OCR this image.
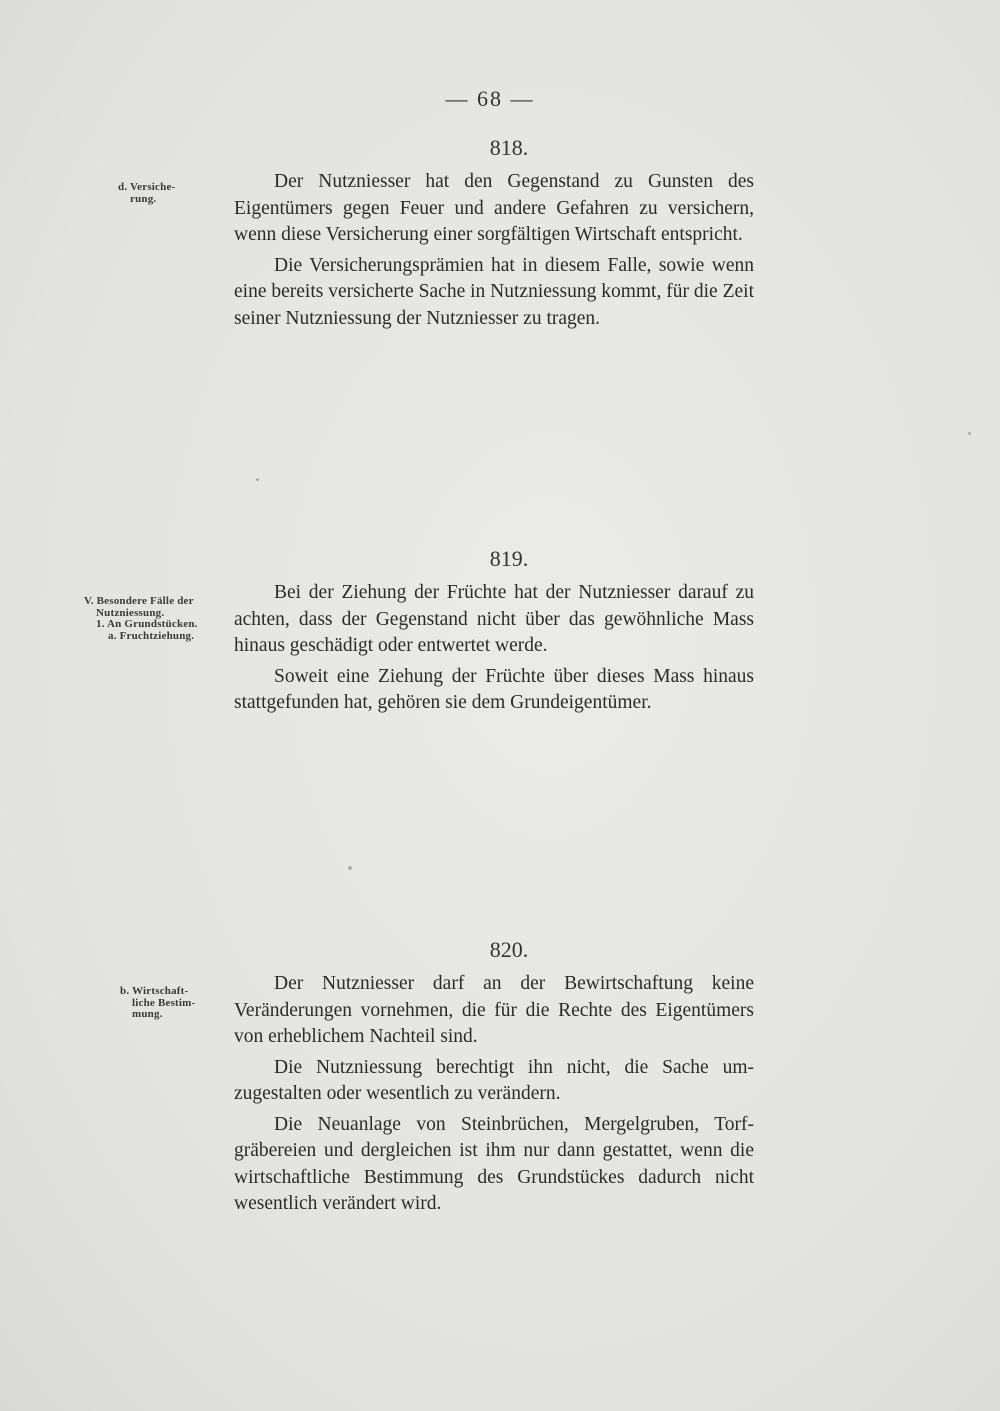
— 68 —
d. Versiche-
rung.
818.

Der Nutzniesser hat den Gegenstand zu Gunsten des Eigentümers gegen Feuer und andere Gefahren zu versichern, wenn diese Versicherung einer sorgfältigen Wirtschaft entspricht.

Die Versicherungsprämien hat in diesem Falle, sowie wenn eine bereits versicherte Sache in Nutzniessung kommt, für die Zeit seiner Nutzniessung der Nutzniesser zu tragen.

V. Besondere Fälle der
Nutzniessung.
1. An Grundstücken.
a. Fruchtziehung.
819.

Bei der Ziehung der Früchte hat der Nutzniesser darauf zu achten, dass der Gegenstand nicht über das gewöhnliche Mass hinaus geschädigt oder entwertet werde.

Soweit eine Ziehung der Früchte über dieses Mass hinaus stattgefunden hat, gehören sie dem Grundeigentümer.

b. Wirtschaft-
liche Bestim-
mung.
820.

Der Nutzniesser darf an der Bewirtschaftung keine Veränderungen vornehmen, die für die Rechte des Eigentümers von erheblichem Nachteil sind.

Die Nutzniessung berechtigt ihn nicht, die Sache umzugestalten oder wesentlich zu verändern.

Die Neuanlage von Steinbrüchen, Mergelgruben, Torfgräbereien und dergleichen ist ihm nur dann gestattet, wenn die wirtschaftliche Bestimmung des Grundstückes dadurch nicht wesentlich verändert wird.
